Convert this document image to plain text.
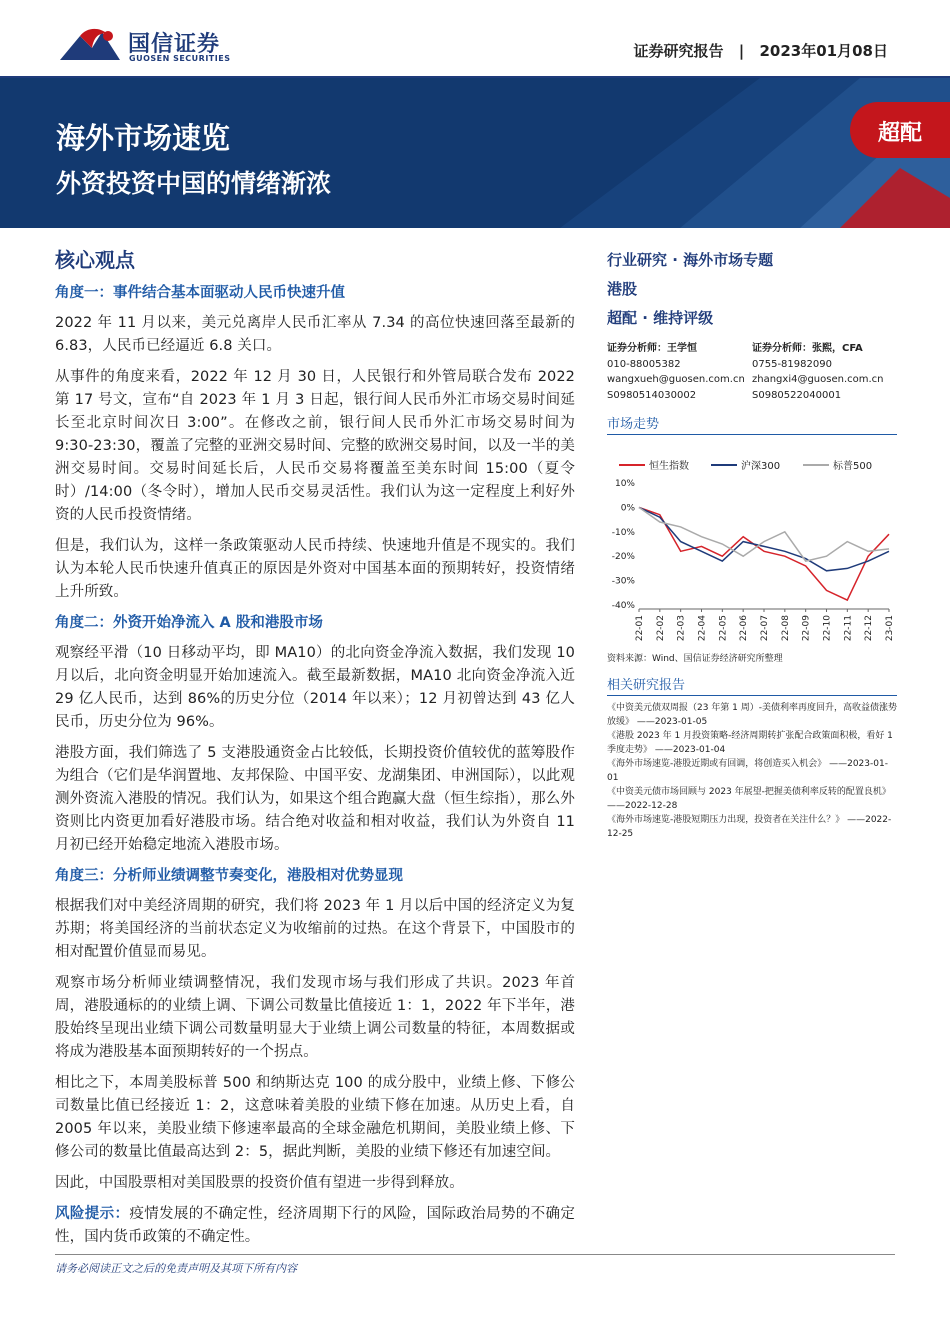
国信证券
GUOSEN SECURITIES	证券研究报告 | 2023年01月08日
海外市场速览
外资投资中国的情绪渐浓
超配
核心观点
角度一：事件结合基本面驱动人民币快速升值

2022 年 11 月以来，美元兑离岸人民币汇率从 7.34 的高位快速回落至最新的 6.83，人民币已经逼近 6.8 关口。

从事件的角度来看，2022 年 12 月 30 日，人民银行和外管局联合发布 2022 第 17 号文，宣布“自 2023 年 1 月 3 日起，银行间人民币外汇市场交易时间延长至北京时间次日 3:00”。在修改之前，银行间人民币外汇市场交易时间为 9:30-23:30，覆盖了完整的亚洲交易时间、完整的欧洲交易时间，以及一半的美洲交易时间。交易时间延长后，人民币交易将覆盖至美东时间 15:00（夏令时）/14:00（冬令时），增加人民币交易灵活性。我们认为这一定程度上利好外资的人民币投资情绪。

但是，我们认为，这样一条政策驱动人民币持续、快速地升值是不现实的。我们认为本轮人民币快速升值真正的原因是外资对中国基本面的预期转好，投资情绪上升所致。

角度二：外资开始净流入 A 股和港股市场

观察经平滑（10 日移动平均，即 MA10）的北向资金净流入数据，我们发现 10 月以后，北向资金明显开始加速流入。截至最新数据，MA10 北向资金净流入近 29 亿人民币，达到 86%的历史分位（2014 年以来）；12 月初曾达到 43 亿人民币，历史分位为 96%。

港股方面，我们筛选了 5 支港股通资金占比较低，长期投资价值较优的蓝筹股作为组合（它们是华润置地、友邦保险、中国平安、龙湖集团、申洲国际），以此观测外资流入港股的情况。我们认为，如果这个组合跑赢大盘（恒生综指），那么外资则比内资更加看好港股市场。结合绝对收益和相对收益，我们认为外资自 11 月初已经开始稳定地流入港股市场。

角度三：分析师业绩调整节奏变化，港股相对优势显现

根据我们对中美经济周期的研究，我们将 2023 年 1 月以后中国的经济定义为复苏期；将美国经济的当前状态定义为收缩前的过热。在这个背景下，中国股市的相对配置价值显而易见。

观察市场分析师业绩调整情况，我们发现市场与我们形成了共识。2023 年首周，港股通标的的业绩上调、下调公司数量比值接近 1：1，2022 年下半年，港股始终呈现出业绩下调公司数量明显大于业绩上调公司数量的特征，本周数据或将成为港股基本面预期转好的一个拐点。

相比之下，本周美股标普 500 和纳斯达克 100 的成分股中，业绩上修、下修公司数量比值已经接近 1：2，这意味着美股的业绩下修在加速。从历史上看，自 2005 年以来，美股业绩下修速率最高的全球金融危机期间，美股业绩上修、下修公司的数量比值最高达到 2：5，据此判断，美股的业绩下修还有加速空间。

因此，中国股票相对美国股票的投资价值有望进一步得到释放。

风险提示：疫情发展的不确定性，经济周期下行的风险，国际政治局势的不确定性，国内货币政策的不确定性。

行业研究 · 海外市场专题
港股
超配 · 维持评级
证券分析师：王学恒
010-88005382
wangxueh@guosen.com.cn
S0980514030002
证券分析师：张熙，CFA
0755-81982090
zhangxi4@guosen.com.cn
S0980522040001
市场走势
恒生指数	沪深300	标普500
10%
0%
-10%
-20%
-30%
-40%
22-01 22-02 22-03 22-04 22-05 22-06 22-07 22-08 22-09 22-10 22-11 22-12 23-01
资料来源：Wind、国信证券经济研究所整理
相关研究报告
《中资美元债双周报（23 年第 1 周）-美债利率再度回升，高收益债涨势放缓》 ——2023-01-05
《港股 2023 年 1 月投资策略-经济周期转扩张配合政策面积极，看好 1 季度走势》 ——2023-01-04
《海外市场速览-港股近期或有回调，将创造买入机会》 ——2023-01-01
《中资美元债市场回顾与 2023 年展望-把握美债利率反转的配置良机》 ——2022-12-28
《海外市场速览-港股短期压力出现，投资者在关注什么？》 ——2022-12-25
请务必阅读正文之后的免责声明及其项下所有内容
